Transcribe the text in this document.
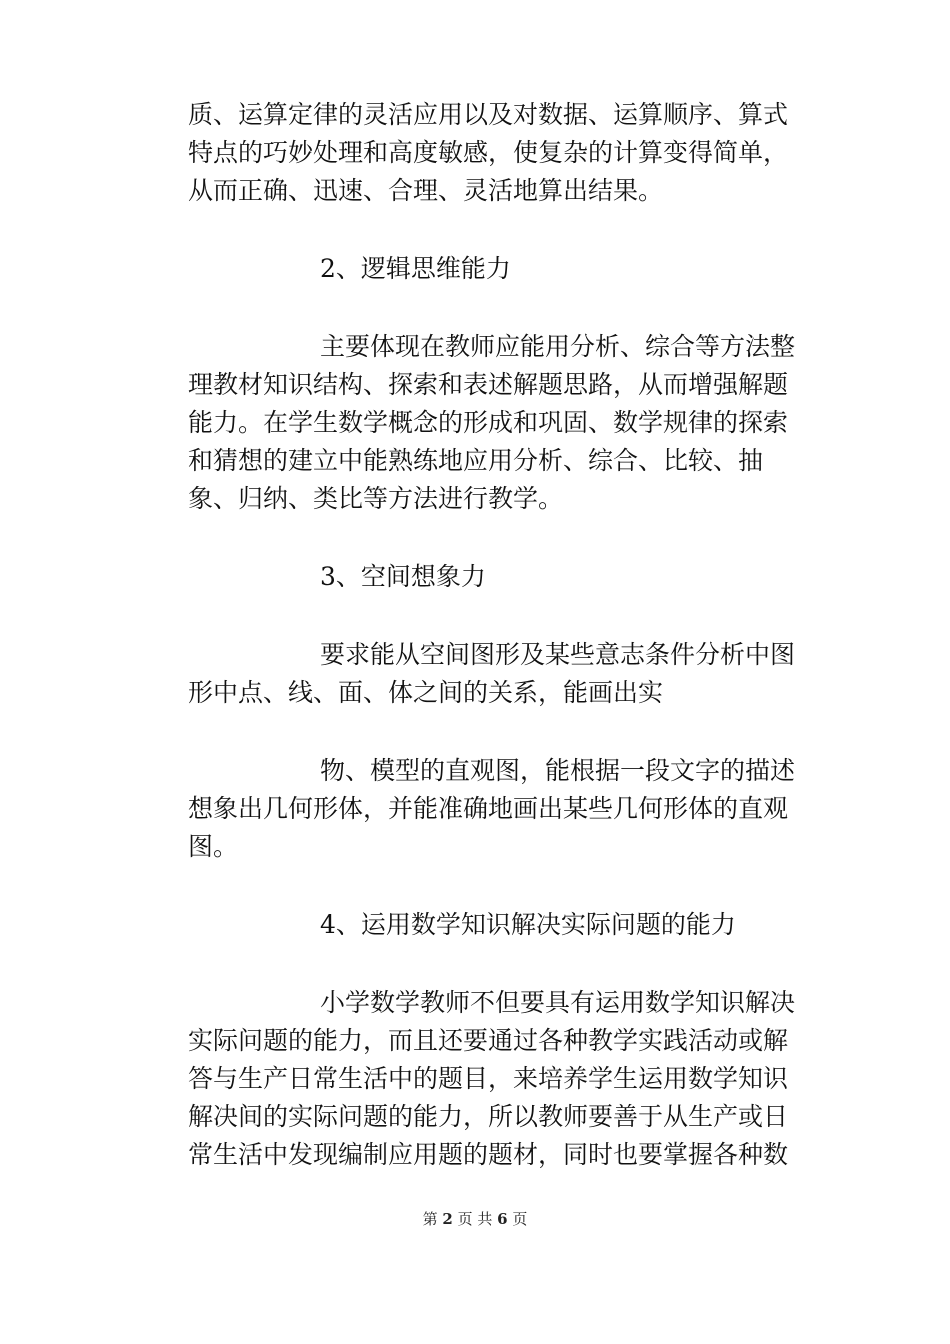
质、运算定律的灵活应用以及对数据、运算顺序、算式
特点的巧妙处理和高度敏感，使复杂的计算变得简单，
从而正确、迅速、合理、灵活地算出结果。

2、逻辑思维能力

主要体现在教师应能用分析、综合等方法整
理教材知识结构、探索和表述解题思路，从而增强解题
能力。在学生数学概念的形成和巩固、数学规律的探索
和猜想的建立中能熟练地应用分析、综合、比较、抽
象、归纳、类比等方法进行教学。

3、空间想象力

要求能从空间图形及某些意志条件分析中图
形中点、线、面、体之间的关系，能画出实

物、模型的直观图，能根据一段文字的描述
想象出几何形体，并能准确地画出某些几何形体的直观
图。

4、运用数学知识解决实际问题的能力

小学数学教师不但要具有运用数学知识解决
实际问题的能力，而且还要通过各种教学实践活动或解
答与生产日常生活中的题目，来培养学生运用数学知识
解决间的实际问题的能力，所以教师要善于从生产或日
常生活中发现编制应用题的题材，同时也要掌握各种数

第 2 页 共 6 页
